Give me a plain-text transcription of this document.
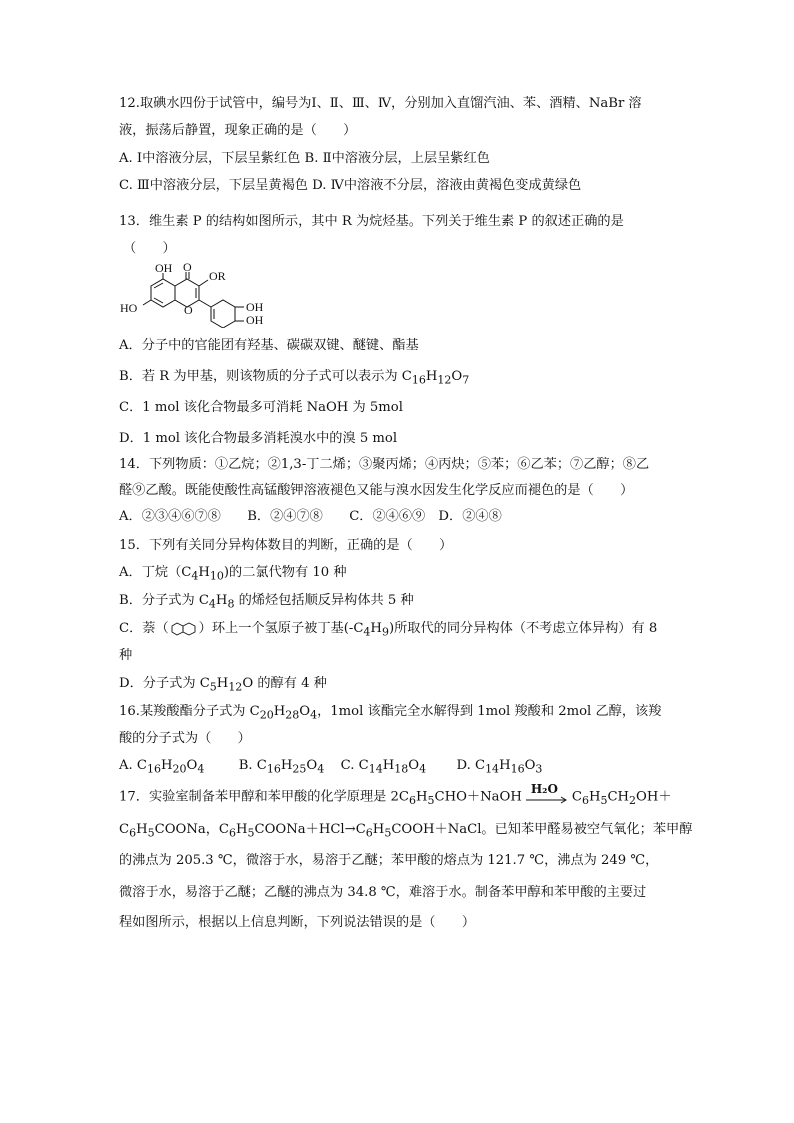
12.取碘水四份于试管中，编号为Ⅰ、Ⅱ、Ⅲ、Ⅳ，分别加入直馏汽油、苯、酒精、NaBr 溶
液，振荡后静置，现象正确的是（　　）
A. Ⅰ中溶液分层，下层呈紫红色 B. Ⅱ中溶液分层，上层呈紫红色
C. Ⅲ中溶液分层，下层呈黄褐色 D. Ⅳ中溶液不分层，溶液由黄褐色变成黄绿色
13．维生素 P 的结构如图所示，其中 R 为烷烃基。下列关于维生素 P 的叙述正确的是
（　　）
OH O
OR
HO	O	OH
OH
A．分子中的官能团有羟基、碳碳双键、醚键、酯基
B．若 R 为甲基，则该物质的分子式可以表示为 $C_{16}H_{12}O_7$
C．1 mol 该化合物最多可消耗 NaOH 为 5mol
D．1 mol 该化合物最多消耗溴水中的溴 5 mol
14．下列物质：①乙烷；②1,3-丁二烯；③聚丙烯；④丙炔；⑤苯；⑥乙苯；⑦乙醇；⑧乙
醛⑨乙酸。既能使酸性高锰酸钾溶液褪色又能与溴水因发生化学反应而褪色的是（　　）
A．②③④⑥⑦⑧　　B．②④⑦⑧　　C．②④⑥⑨　D．②④⑧
15．下列有关同分异构体数目的判断，正确的是（　　）
A．丁烷$(C_4H_{10})$的二氯代物有 10 种
B．分子式为 $C_4H_8$ 的烯烃包括顺反异构体共 5 种
C．萘（ ）环上一个氢原子被丁基$(-C_4H_9)$所取代的同分异构体（不考虑立体异构）有 8
种
D．分子式为 $C_5H_{12}O$ 的醇有 4 种
16.某羧酸酯分子式为 $C_{20}H_{28}O_4$，1mol 该酯完全水解得到 1mol 羧酸和 2mol 乙醇，该羧
酸的分子式为（　　）
A. $C_{16}H_{20}O_4$	B. $C_{16}H_{25}O_4$ C. $C_{14}H_{18}O_4$ D. $C_{14}H_{16}O_3$
17．实验室制备苯甲醇和苯甲酸的化学原理是 $2C_6H_5CHO+NaOH$
H₂O
$C_6H_5CH_2OH+$
$C_6H_5COONa$，$C_6H_5COONa+HCl\to C_6H_5COOH+NaCl$。已知苯甲醛易被空气氧化；苯甲醇
的沸点为 205.3 ℃，微溶于水，易溶于乙醚；苯甲酸的熔点为 121.7 ℃，沸点为 249 ℃，
微溶于水，易溶于乙醚；乙醚的沸点为 34.8 ℃，难溶于水。制备苯甲醇和苯甲酸的主要过
程如图所示，根据以上信息判断，下列说法错误的是（　　）
